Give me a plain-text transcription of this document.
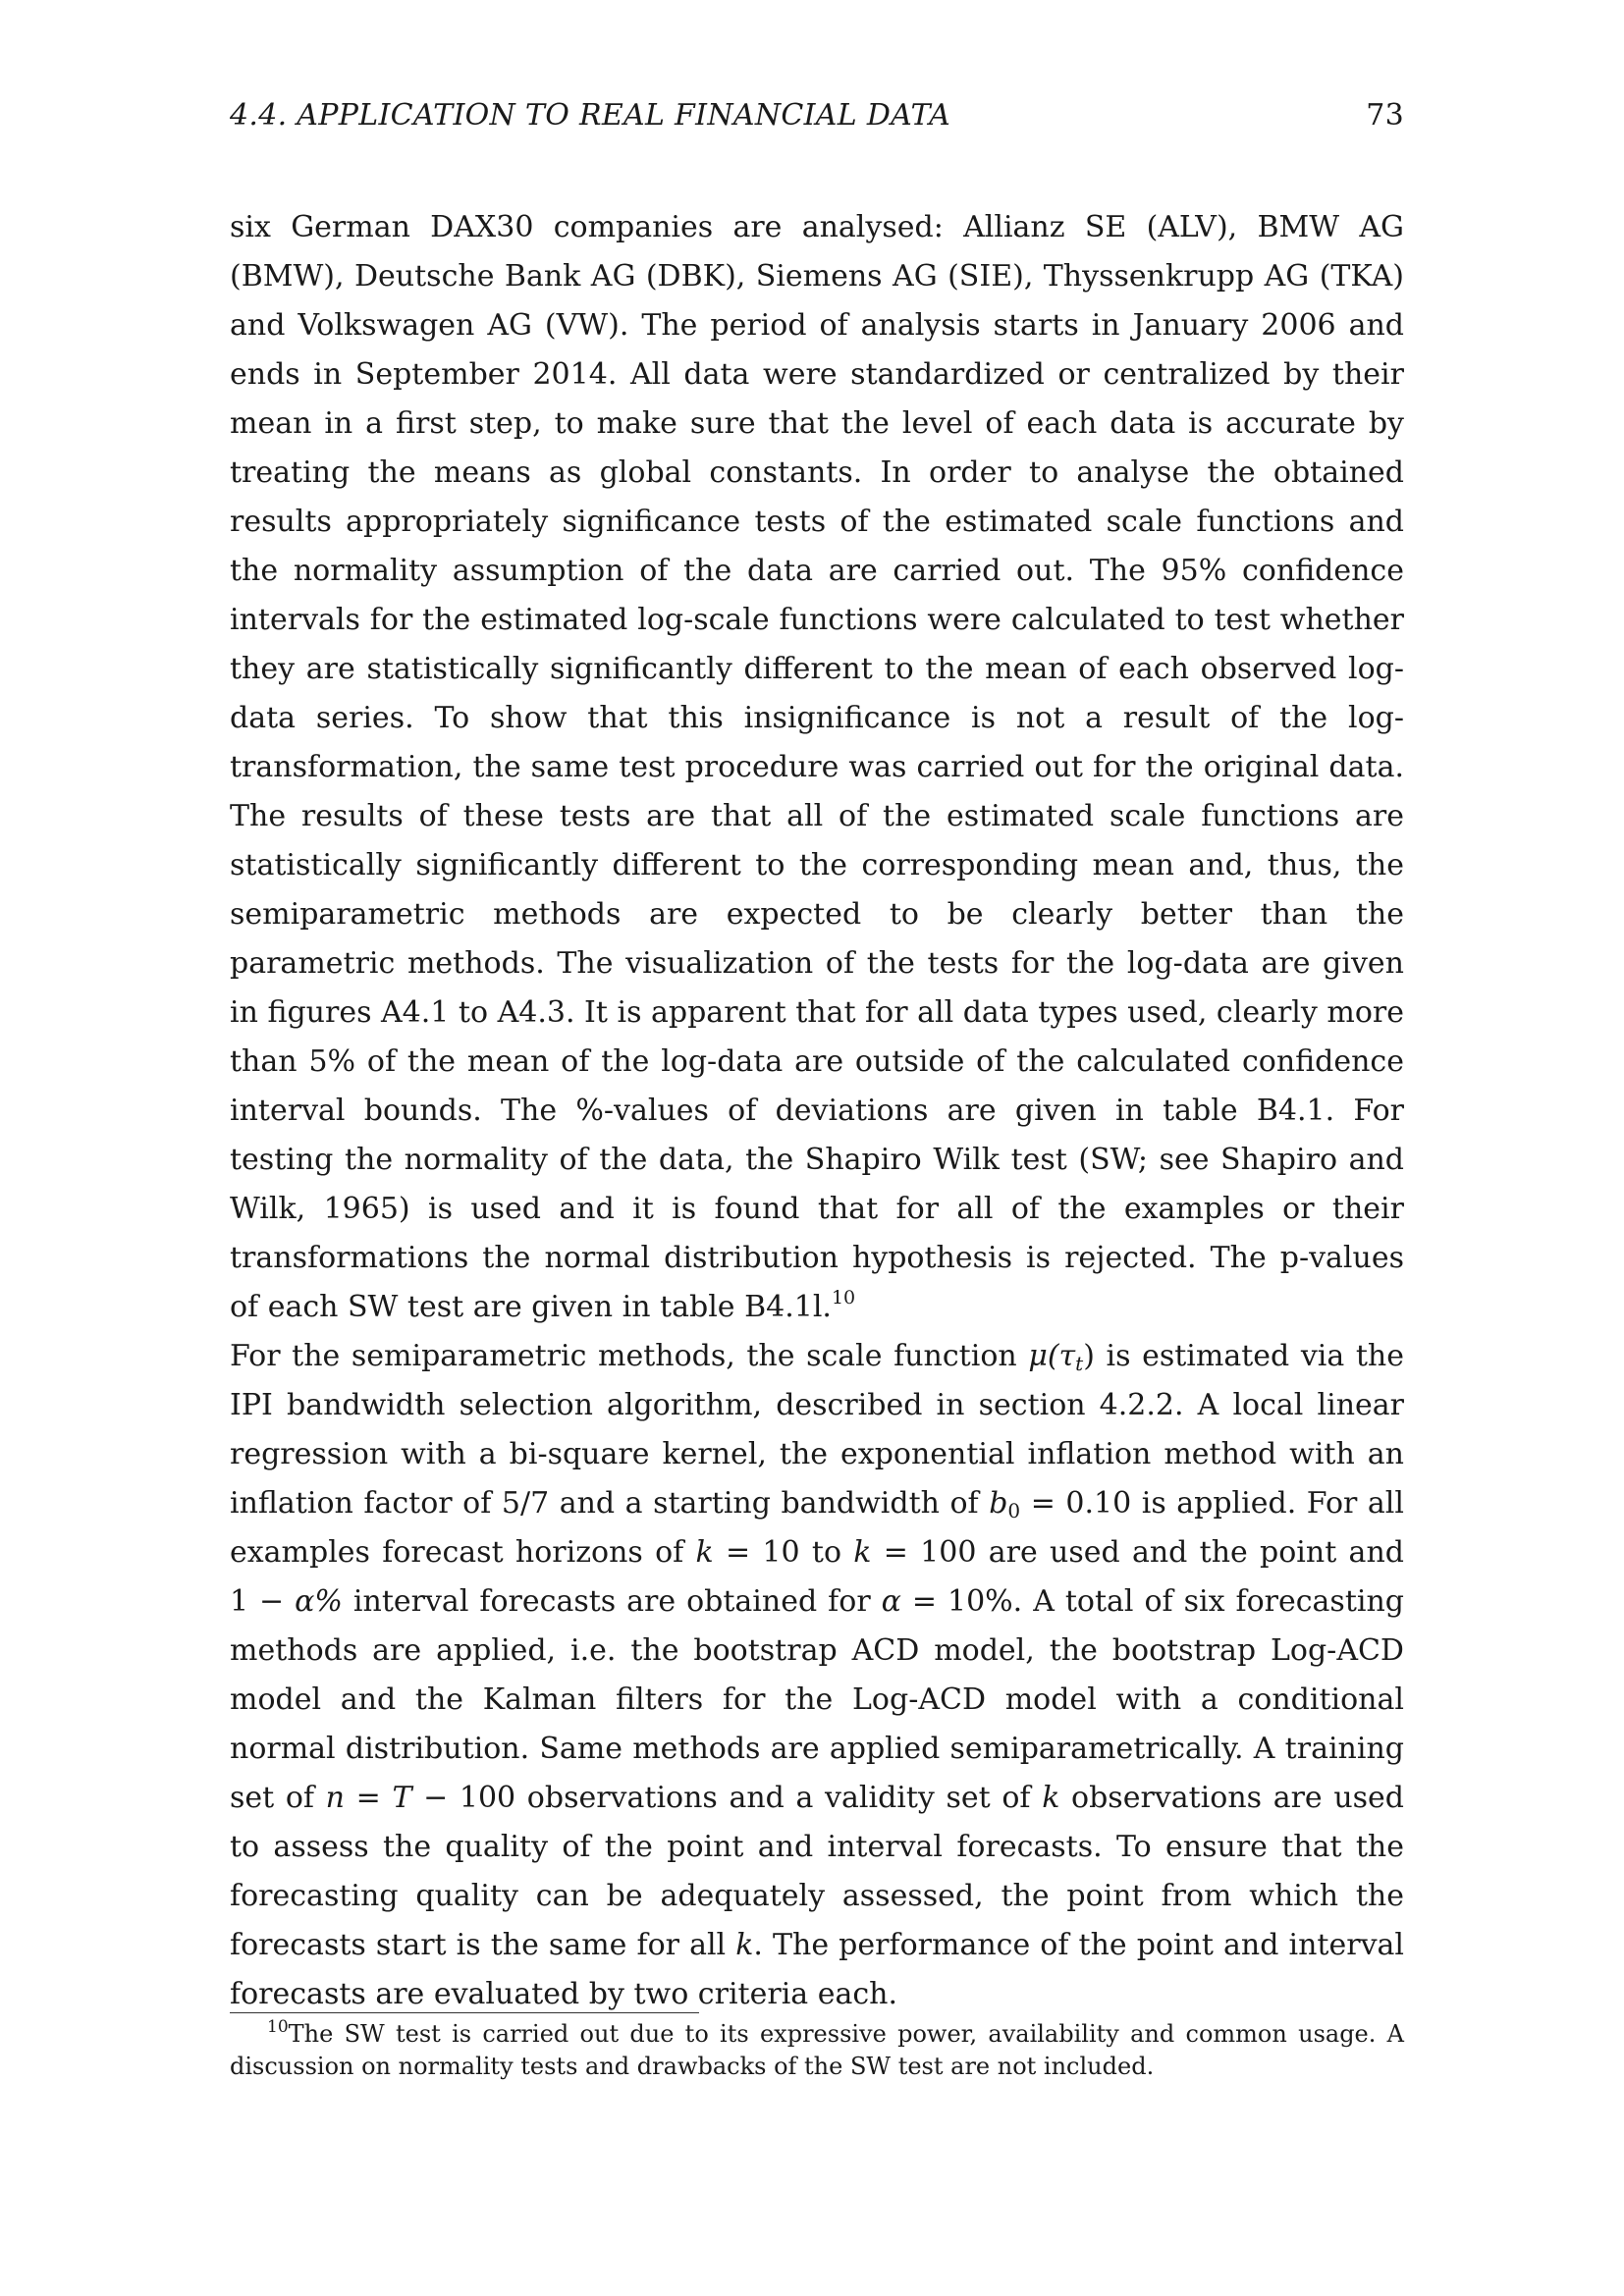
4.4. APPLICATION TO REAL FINANCIAL DATA	73

six German DAX30 companies are analysed: Allianz SE (ALV), BMW AG (BMW), Deutsche Bank AG (DBK), Siemens AG (SIE), Thyssenkrupp AG (TKA) and Volkswagen AG (VW). The period of analysis starts in January 2006 and ends in September 2014. All data were standardized or centralized by their mean in a first step, to make sure that the level of each data is accurate by treating the means as global constants. In order to analyse the obtained results appropriately significance tests of the estimated scale functions and the normality assumption of the data are carried out. The 95% confidence intervals for the estimated log-scale functions were calculated to test whether they are statistically significantly different to the mean of each observed log-data series. To show that this insignificance is not a result of the log-transformation, the same test procedure was carried out for the original data. The results of these tests are that all of the estimated scale functions are statistically significantly different to the corresponding mean and, thus, the semiparametric methods are expected to be clearly better than the parametric methods. The visualization of the tests for the log-data are given in figures A4.1 to A4.3. It is apparent that for all data types used, clearly more than 5% of the mean of the log-data are outside of the calculated confidence interval bounds. The %-values of deviations are given in table B4.1. For testing the normality of the data, the Shapiro Wilk test (SW; see Shapiro and Wilk, 1965) is used and it is found that for all of the examples or their transformations the normal distribution hypothesis is rejected. The p-values of each SW test are given in table B4.1l.$^{10}$

For the semiparametric methods, the scale function $\mu(\tau_t)$ is estimated via the IPI bandwidth selection algorithm, described in section 4.2.2. A local linear regression with a bi-square kernel, the exponential inflation method with an inflation factor of 5/7 and a starting bandwidth of $b_0 = 0.10$ is applied. For all examples forecast horizons of k = 10 to k = 100 are used and the point and 1 − α% interval forecasts are obtained for α = 10%. A total of six forecasting methods are applied, i.e. the bootstrap ACD model, the bootstrap Log-ACD model and the Kalman filters for the Log-ACD model with a conditional normal distribution. Same methods are applied semiparametrically. A training set of n = T − 100 observations and a validity set of k observations are used to assess the quality of the point and interval forecasts. To ensure that the forecasting quality can be adequately assessed, the point from which the forecasts start is the same for all k. The performance of the point and interval forecasts are evaluated by two criteria each.

$^{10}$The SW test is carried out due to its expressive power, availability and common usage. A discussion on normality tests and drawbacks of the SW test are not included.
